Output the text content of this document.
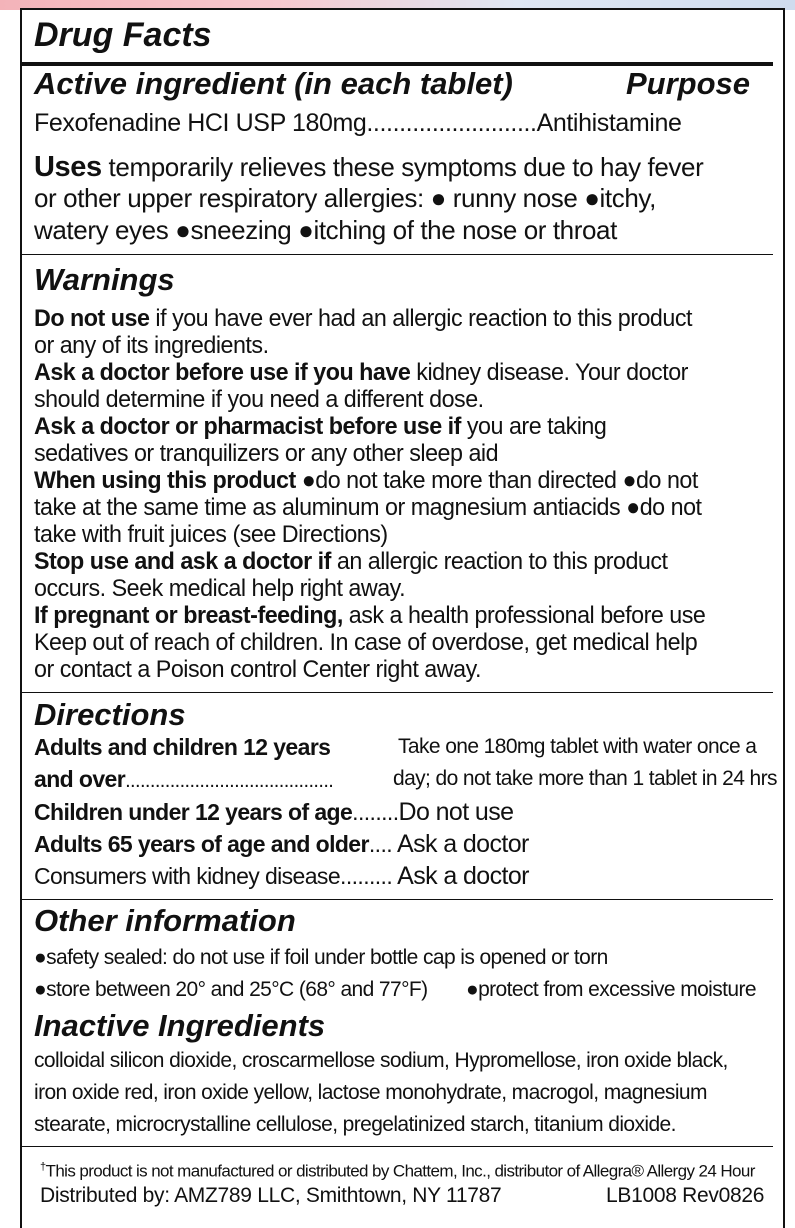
Drug Facts
Active ingredient (in each tablet)	Purpose
Fexofenadine HCI USP 180mg..........................Antihistamine
Uses temporarily relieves these symptoms due to hay fever
or other upper respiratory allergies: ● runny nose ●itchy,
watery eyes ●sneezing ●itching of the nose or throat
Warnings
Do not use if you have ever had an allergic reaction to this product
or any of its ingredients.
Ask a doctor before use if you have kidney disease. Your doctor
should determine if you need a different dose.
Ask a doctor or pharmacist before use if you are taking
sedatives or tranquilizers or any other sleep aid
When using this product ●do not take more than directed ●do not
take at the same time as aluminum or magnesium antiacids ●do not
take with fruit juices (see Directions)
Stop use and ask a doctor if an allergic reaction to this product
occurs. Seek medical help right away.
If pregnant or breast-feeding, ask a health professional before use
Keep out of reach of children. In case of overdose, get medical help
or contact a Poison control Center right away.
Directions
Adults and children 12 years	Take one 180mg tablet with water once a
and over..........................................	day; do not take more than 1 tablet in 24 hrs
Children under 12 years of age........Do not use
Adults 65 years of age and older.... Ask a doctor
Consumers with kidney disease......... Ask a doctor
Other information
●safety sealed: do not use if foil under bottle cap is opened or torn
●store between 20° and 25°C (68° and 77°F) ●protect from excessive moisture
Inactive Ingredients
colloidal silicon dioxide, croscarmellose sodium, Hypromellose, iron oxide black,
iron oxide red, iron oxide yellow, lactose monohydrate, macrogol, magnesium
stearate, microcrystalline cellulose, pregelatinized starch, titanium dioxide.
†This product is not manufactured or distributed by Chattem, Inc., distributor of Allegra® Allergy 24 Hour
Distributed by: AMZ789 LLC, Smithtown, NY 11787	LB1008 Rev0826
